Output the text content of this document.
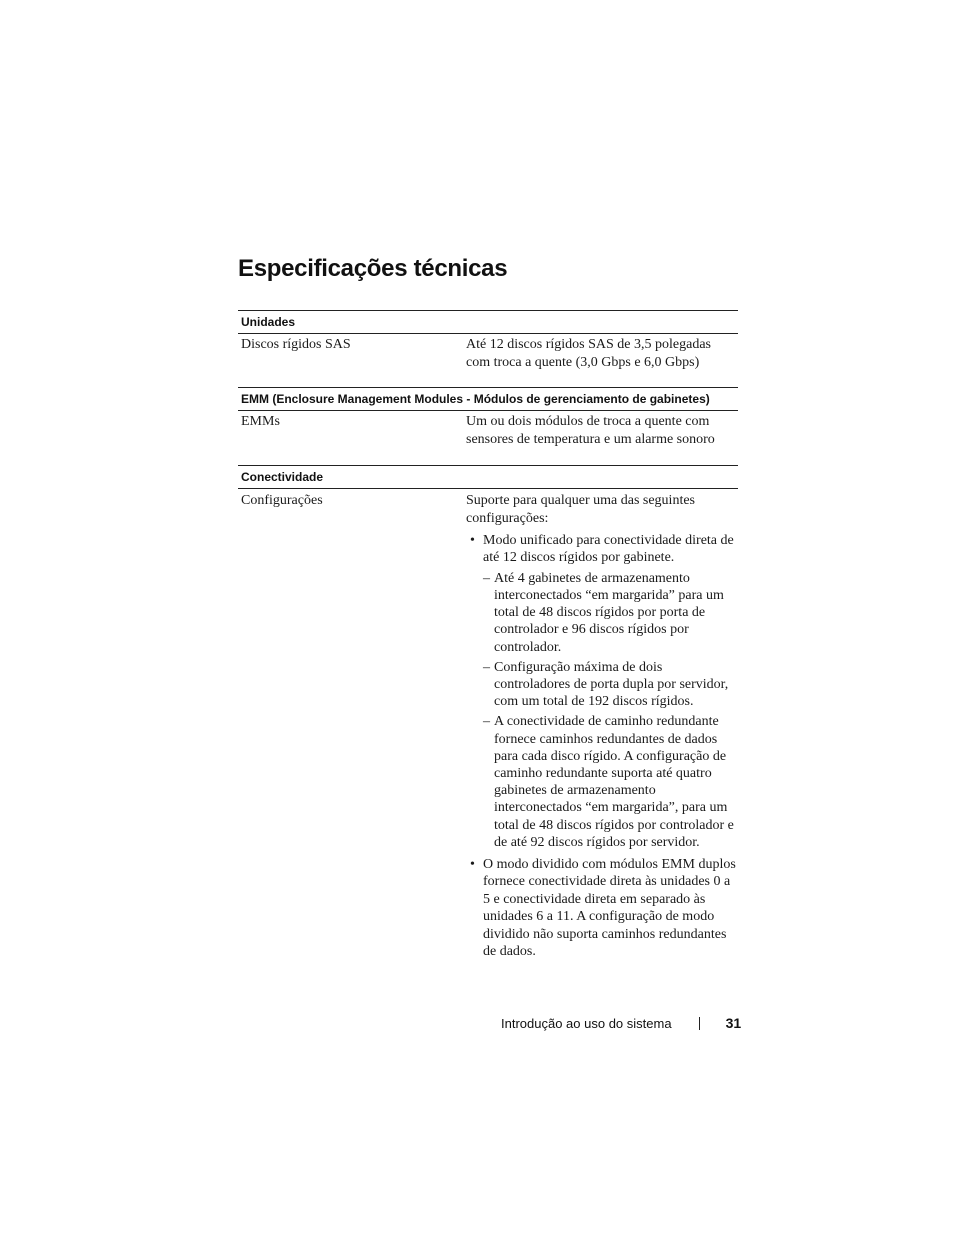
Especificações técnicas
Unidades
Discos rígidos SAS	Até 12 discos rígidos SAS de 3,5 polegadas com troca a quente (3,0 Gbps e 6,0 Gbps)
EMM (Enclosure Management Modules - Módulos de gerenciamento de gabinetes)
EMMs	Um ou dois módulos de troca a quente com sensores de temperatura e um alarme sonoro
Conectividade
Configurações	Suporte para qualquer uma das seguintes configurações:
• Modo unificado para conectividade direta de até 12 discos rígidos por gabinete.
– Até 4 gabinetes de armazenamento interconectados “em margarida” para um total de 48 discos rígidos por porta de controlador e 96 discos rígidos por controlador.
– Configuração máxima de dois controladores de porta dupla por servidor, com um total de 192 discos rígidos.
– A conectividade de caminho redundante fornece caminhos redundantes de dados para cada disco rígido. A configuração de caminho redundante suporta até quatro gabinetes de armazenamento interconectados “em margarida”, para um total de 48 discos rígidos por controlador e de até 92 discos rígidos por servidor.
• O modo dividido com módulos EMM duplos fornece conectividade direta às unidades 0 a 5 e conectividade direta em separado às unidades 6 a 11. A configuração de modo dividido não suporta caminhos redundantes de dados.
Introdução ao uso do sistema	31
